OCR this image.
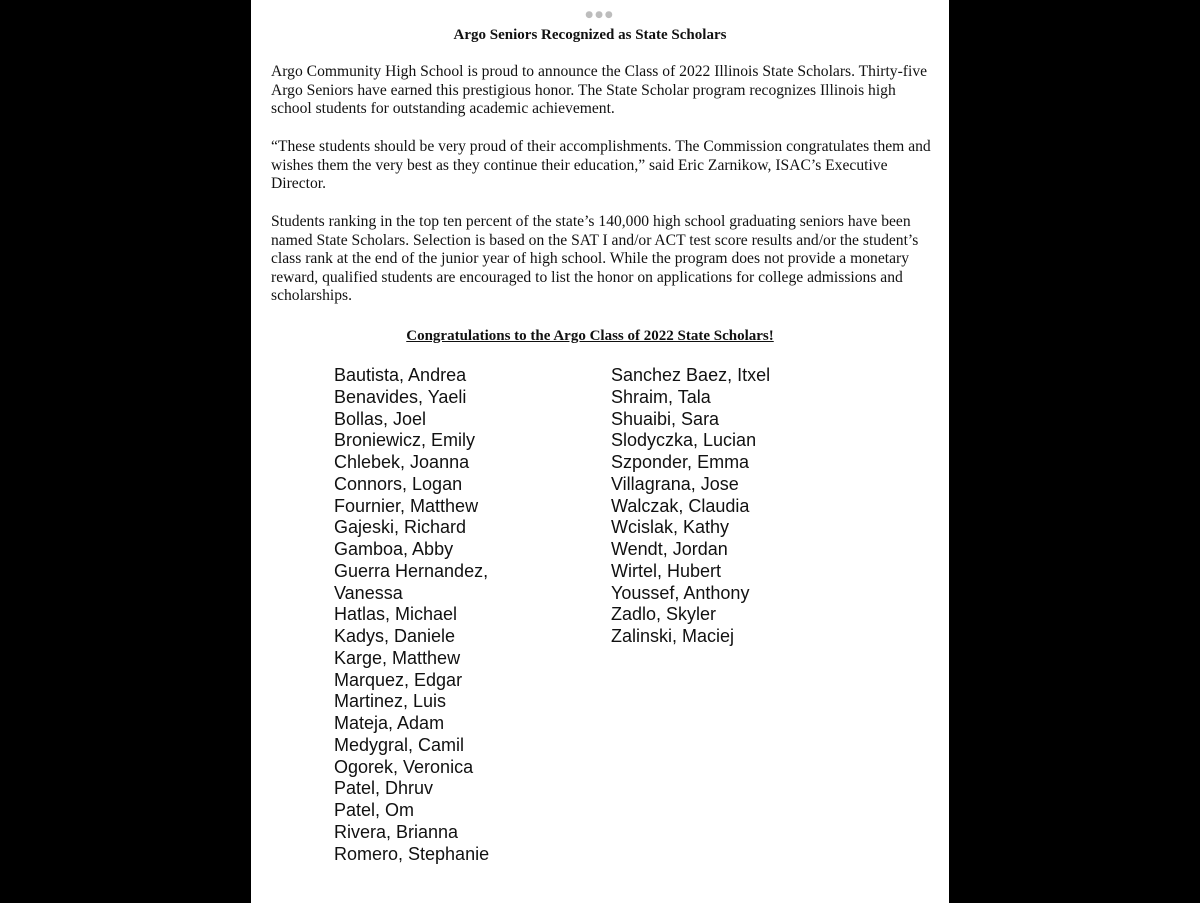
●●●
Argo Seniors Recognized as State Scholars

Argo Community High School is proud to announce the Class of 2022 Illinois State Scholars. Thirty-five Argo Seniors have earned this prestigious honor. The State Scholar program recognizes Illinois high school students for outstanding academic achievement.

“These students should be very proud of their accomplishments. The Commission congratulates them and wishes them the very best as they continue their education,” said Eric Zarnikow, ISAC’s Executive Director.

Students ranking in the top ten percent of the state’s 140,000 high school graduating seniors have been named State Scholars. Selection is based on the SAT I and/or ACT test score results and/or the student’s class rank at the end of the junior year of high school. While the program does not provide a monetary reward, qualified students are encouraged to list the honor on applications for college admissions and scholarships.

Congratulations to the Argo Class of 2022 State Scholars!
Bautista, Andrea
Benavides, Yaeli
Bollas, Joel
Broniewicz, Emily
Chlebek, Joanna
Connors, Logan
Fournier, Matthew
Gajeski, Richard
Gamboa, Abby
Guerra Hernandez,
Vanessa
Hatlas, Michael
Kadys, Daniele
Karge, Matthew
Marquez, Edgar
Martinez, Luis
Mateja, Adam
Medygral, Camil
Ogorek, Veronica
Patel, Dhruv
Patel, Om
Rivera, Brianna
Romero, Stephanie
Sanchez Baez, Itxel
Shraim, Tala
Shuaibi, Sara
Slodyczka, Lucian
Szponder, Emma
Villagrana, Jose
Walczak, Claudia
Wcislak, Kathy
Wendt, Jordan
Wirtel, Hubert
Youssef, Anthony
Zadlo, Skyler
Zalinski, Maciej
